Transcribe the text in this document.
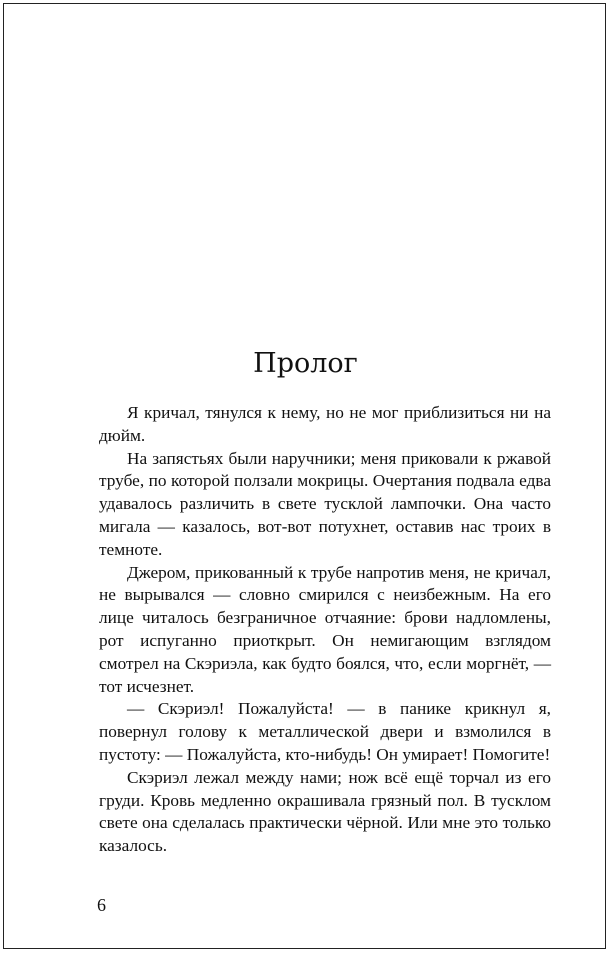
Пролог

Я кричал, тянулся к нему, но не мог приблизиться ни на дюйм.

На запястьях были наручники; меня приковали к ржавой трубе, по которой ползали мокрицы. Очертания подвала едва удавалось различить в свете тусклой лампочки. Она часто мигала — казалось, вот-вот потухнет, оставив нас троих в темноте.

Джером, прикованный к трубе напротив меня, не кричал, не вырывался — словно смирился с неизбежным. На его лице читалось безграничное отчаяние: брови надломлены, рот испуганно приоткрыт. Он немигающим взглядом смотрел на Скэриэла, как будто боялся, что, если моргнёт, — тот исчезнет.

— Скэриэл! Пожалуйста! — в панике крикнул я, повернул голову к металлической двери и взмолился в пустоту: — Пожалуйста, кто-нибудь! Он умирает! Помогите!

Скэриэл лежал между нами; нож всё ещё торчал из его груди. Кровь медленно окрашивала грязный пол. В тусклом свете она сделалась практически чёрной. Или мне это только казалось.

6
